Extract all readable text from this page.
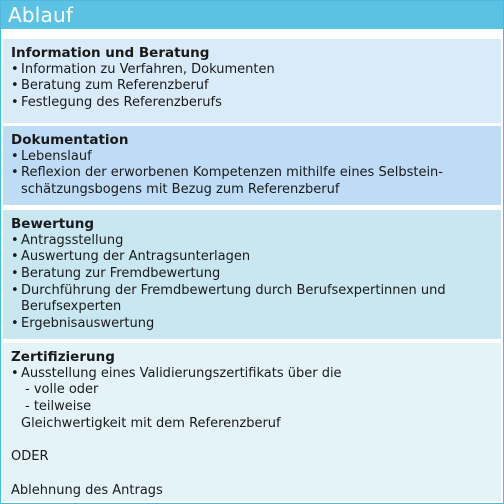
Ablauf
Information und Beratung
• Information zu Verfahren, Dokumenten
• Beratung zum Referenzberuf
• Festlegung des Referenzberufs
Dokumentation
• Lebenslauf
• Reflexion der erworbenen Kompetenzen mithilfe eines Selbstein-
schätzungsbogens mit Bezug zum Referenzberuf
Bewertung
• Antragsstellung
• Auswertung der Antragsunterlagen
• Beratung zur Fremdbewertung
• Durchführung der Fremdbewertung durch Berufsexpertinnen und
Berufsexperten
• Ergebnisauswertung
Zertifizierung
• Ausstellung eines Validierungszertifikats über die
- volle oder
- teilweise
Gleichwertigkeit mit dem Referenzberuf
ODER
Ablehnung des Antrags
